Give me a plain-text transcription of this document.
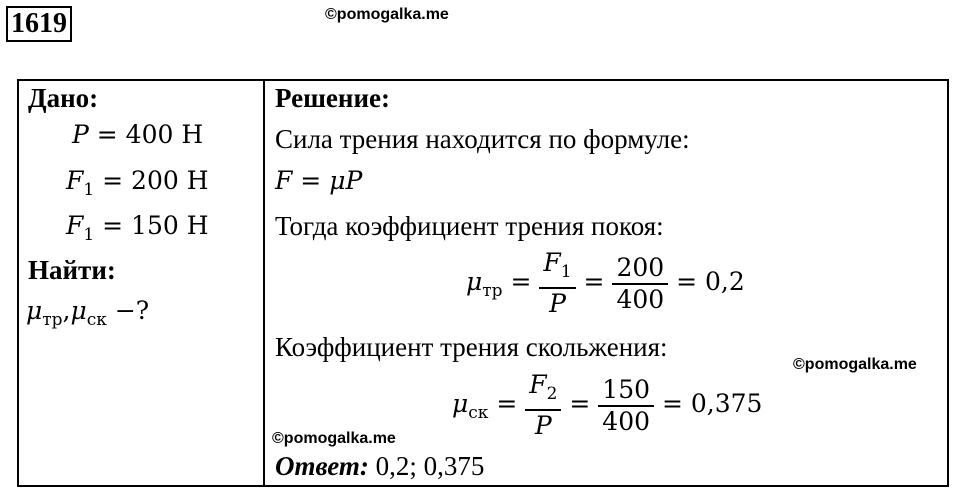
1619	©pomogalka.me
Дано:
P = 400 Н
$F_1 = 200$ Н
$F_1 = 150$ Н
Найти:
$\mu_{тр},\mu_{ск}$ −?
Решение:
Сила трения находится по формуле:
F = μP
Тогда коэффициент трения покоя:
$\mu_{тр} = \frac{F_1}{P} = \frac{200}{400} = 0,2$
Коэффициент трения скольжения:
©pomogalka.me
$\mu_{ск} = \frac{F_2}{P} = \frac{150}{400} = 0,375$
©pomogalka.me
Ответ: 0,2; 0,375
